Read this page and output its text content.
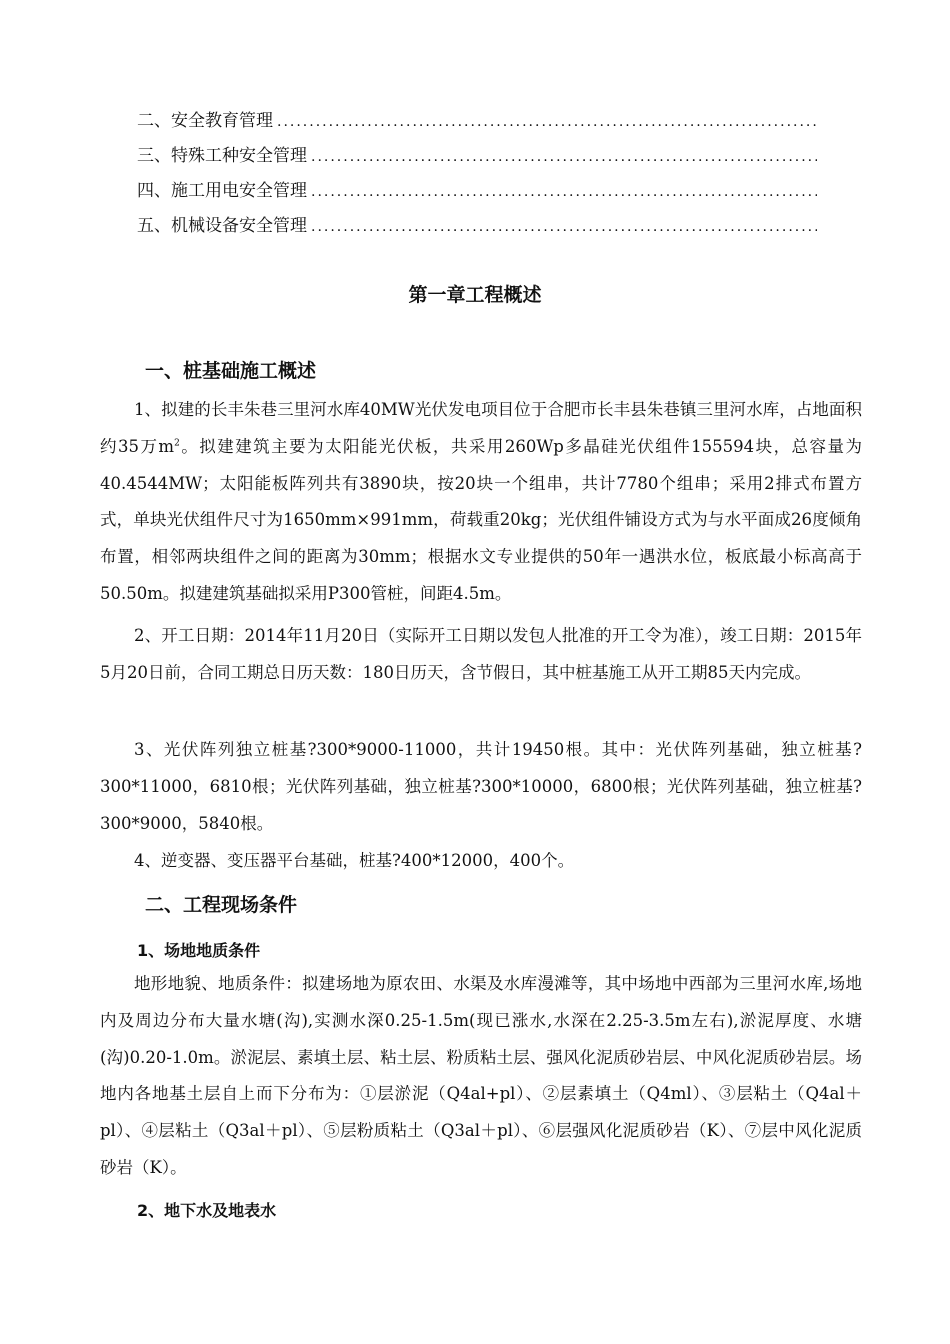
二、安全教育管理
.....
三、特殊工种安全管理
.....
四、施工用电安全管理
.....
五、机械设备安全管理
.....
第一章工程概述
一、桩基础施工概述

1、拟建的长丰朱巷三里河水库40MW光伏发电项目位于合肥市长丰县朱巷镇三里河水库，占地面积约35万$m^2$。拟建建筑主要为太阳能光伏板，共采用260Wp多晶硅光伏组件155594块，总容量为40.4544MW；太阳能板阵列共有3890块，按20块一个组串，共计7780个组串；采用2排式布置方式，单块光伏组件尺寸为1650mm×991mm，荷载重20kg；光伏组件铺设方式为与水平面成26度倾角布置，相邻两块组件之间的距离为30mm；根据水文专业提供的50年一遇洪水位，板底最小标高高于50.50m。拟建建筑基础拟采用P300管桩，间距4.5m。

2、开工日期：2014年11月20日（实际开工日期以发包人批准的开工令为准），竣工日期：2015年5月20日前，合同工期总日历天数：180日历天，含节假日，其中桩基施工从开工期85天内完成。

3、光伏阵列独立桩基?300*9000-11000，共计19450根。其中：光伏阵列基础，独立桩基?300*11000，6810根；光伏阵列基础，独立桩基?300*10000，6800根；光伏阵列基础，独立桩基?300*9000，5840根。

4、逆变器、变压器平台基础，桩基?400*12000，400个。

二、工程现场条件
1、场地地质条件

地形地貌、地质条件：拟建场地为原农田、水渠及水库漫滩等，其中场地中西部为三里河水库,场地内及周边分布大量水塘(沟),实测水深0.25-1.5m(现已涨水,水深在2.25-3.5m左右),淤泥厚度、水塘(沟)0.20-1.0m。淤泥层、素填土层、粘土层、粉质粘土层、强风化泥质砂岩层、中风化泥质砂岩层。场地内各地基土层自上而下分布为：①层淤泥（Q4al+pl）、②层素填土（Q4ml）、③层粘土（Q4al＋pl）、④层粘土（Q3al＋pl）、⑤层粉质粘土（Q3al＋pl）、⑥层强风化泥质砂岩（K）、⑦层中风化泥质砂岩（K）。

2、地下水及地表水
